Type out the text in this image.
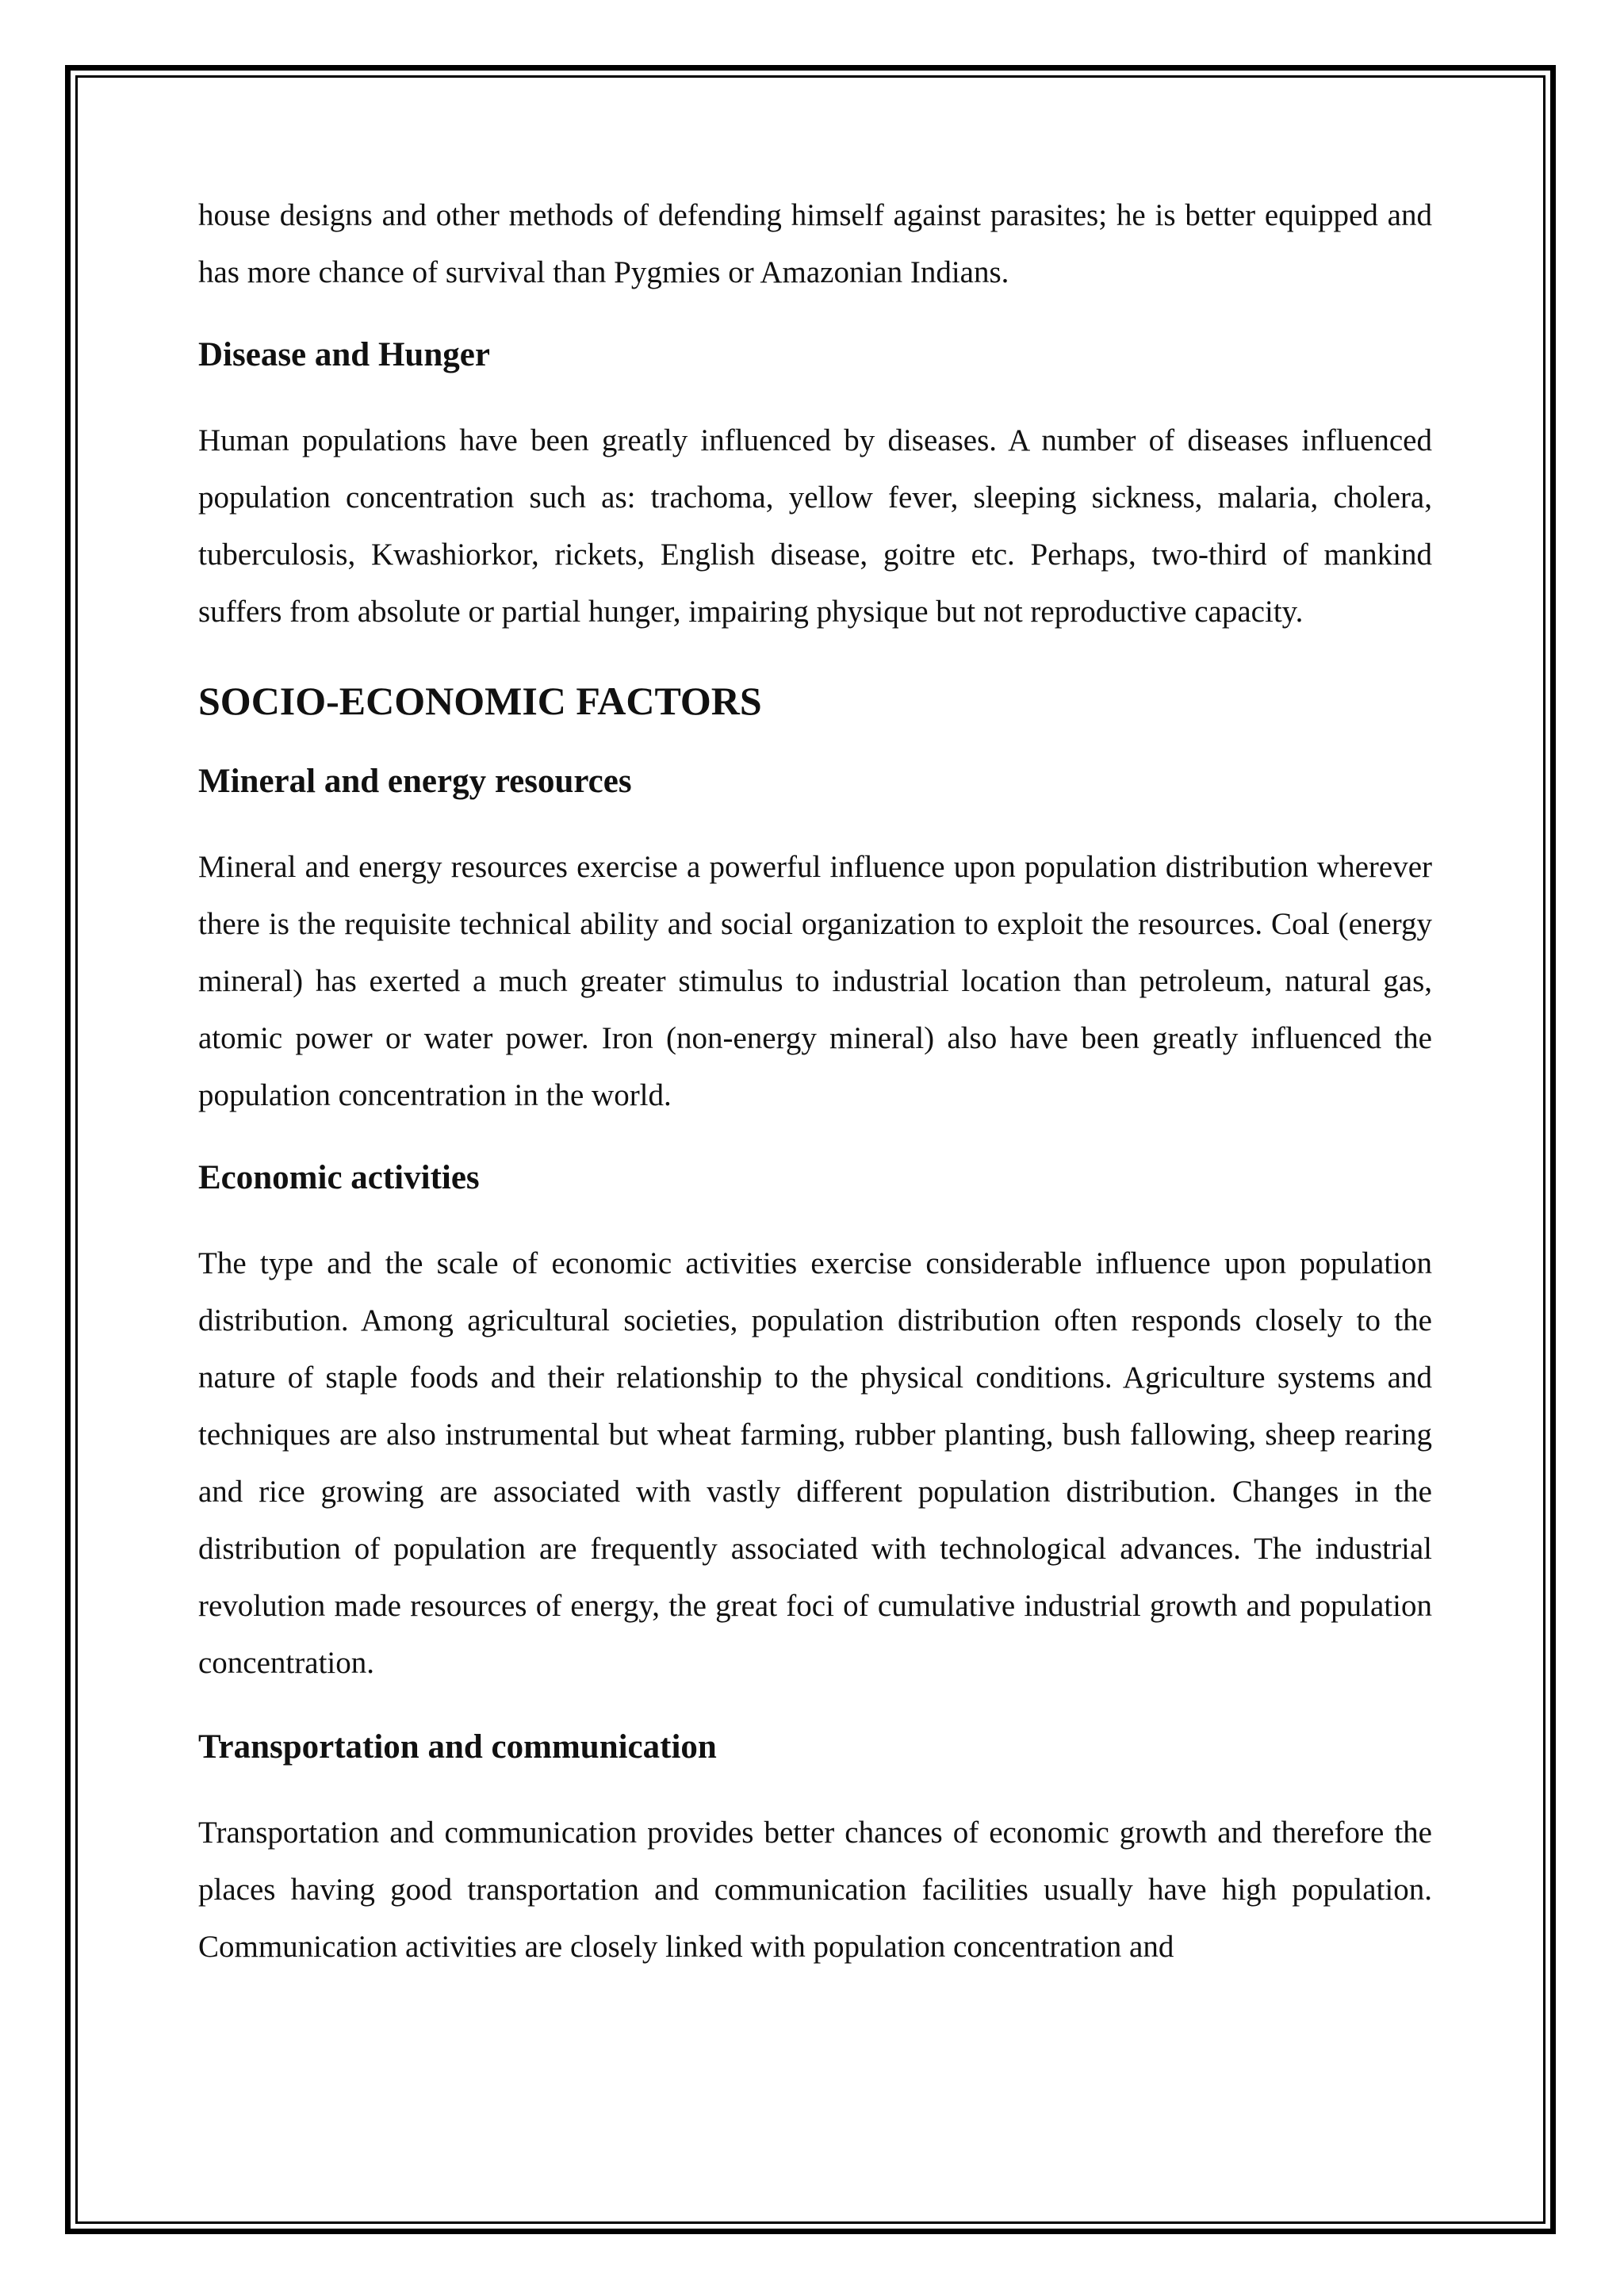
house designs and other methods of defending himself against parasites; he is better equipped and has more chance of survival than Pygmies or Amazonian Indians.

Disease and Hunger

Human populations have been greatly influenced by diseases. A number of diseases influenced population concentration such as: trachoma, yellow fever, sleeping sickness, malaria, cholera, tuberculosis, Kwashiorkor, rickets, English disease, goitre etc. Perhaps, two-third of mankind suffers from absolute or partial hunger, impairing physique but not reproductive capacity.

SOCIO-ECONOMIC FACTORS
Mineral and energy resources

Mineral and energy resources exercise a powerful influence upon population distribution wherever there is the requisite technical ability and social organization to exploit the resources. Coal (energy mineral) has exerted a much greater stimulus to industrial location than petroleum, natural gas, atomic power or water power. Iron (non-energy mineral) also have been greatly influenced the population concentration in the world.

Economic activities

The type and the scale of economic activities exercise considerable influence upon population distribution. Among agricultural societies, population distribution often responds closely to the nature of staple foods and their relationship to the physical conditions. Agriculture systems and techniques are also instrumental but wheat farming, rubber planting, bush fallowing, sheep rearing and rice growing are associated with vastly different population distribution. Changes in the distribution of population are frequently associated with technological advances. The industrial revolution made resources of energy, the great foci of cumulative industrial growth and population concentration.

Transportation and communication

Transportation and communication provides better chances of economic growth and therefore the places having good transportation and communication facilities usually have high population. Communication activities are closely linked with population concentration and
